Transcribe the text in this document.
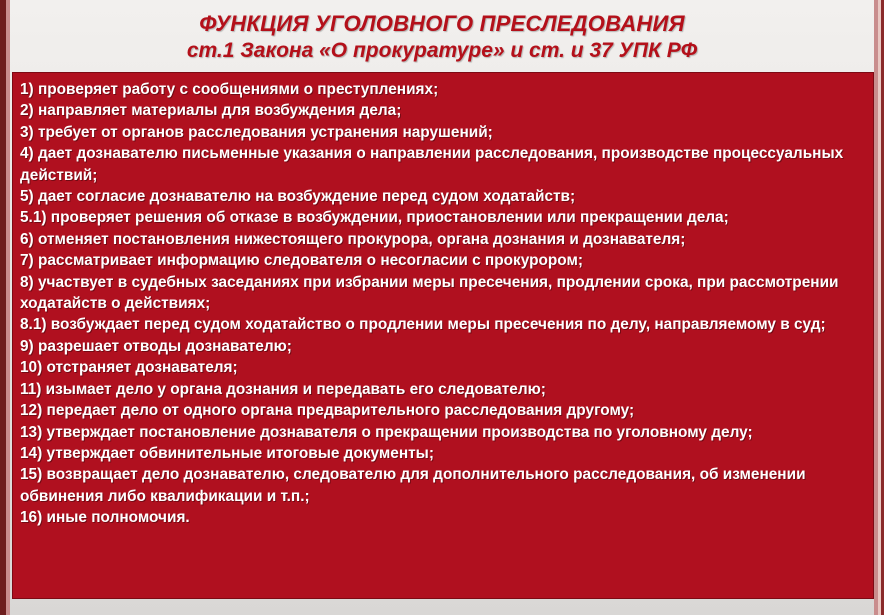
ФУНКЦИЯ УГОЛОВНОГО ПРЕСЛЕДОВАНИЯ
ст.1 Закона «О прокуратуре» и ст. и 37 УПК РФ
1) проверяет работу с сообщениями о преступлениях;
2) направляет материалы для возбуждения дела;
3) требует от органов расследования устранения нарушений;
4) дает дознавателю письменные указания о направлении расследования, производстве процессуальных действий;
5) дает согласие дознавателю на возбуждение перед судом ходатайств;
5.1) проверяет решения об отказе в возбуждении, приостановлении или прекращении дела;
6) отменяет постановления нижестоящего прокурора, органа дознания и дознавателя;
7) рассматривает информацию следователя о несогласии с прокурором;
8) участвует в судебных заседаниях при избрании меры пресечения, продлении срока, при рассмотрении ходатайств о действиях;
8.1) возбуждает перед судом ходатайство о продлении меры пресечения по делу, направляемому в суд;
9) разрешает отводы дознавателю;
10) отстраняет дознавателя;
11) изымает дело у органа дознания и передавать его следователю;
12) передает дело от одного органа предварительного расследования другому;
13) утверждает постановление дознавателя о прекращении производства по уголовному делу;
14) утверждает обвинительные итоговые документы;
15) возвращает дело дознавателю, следователю для дополнительного расследования, об изменении обвинения либо квалификации и т.п.;
16) иные полномочия.
